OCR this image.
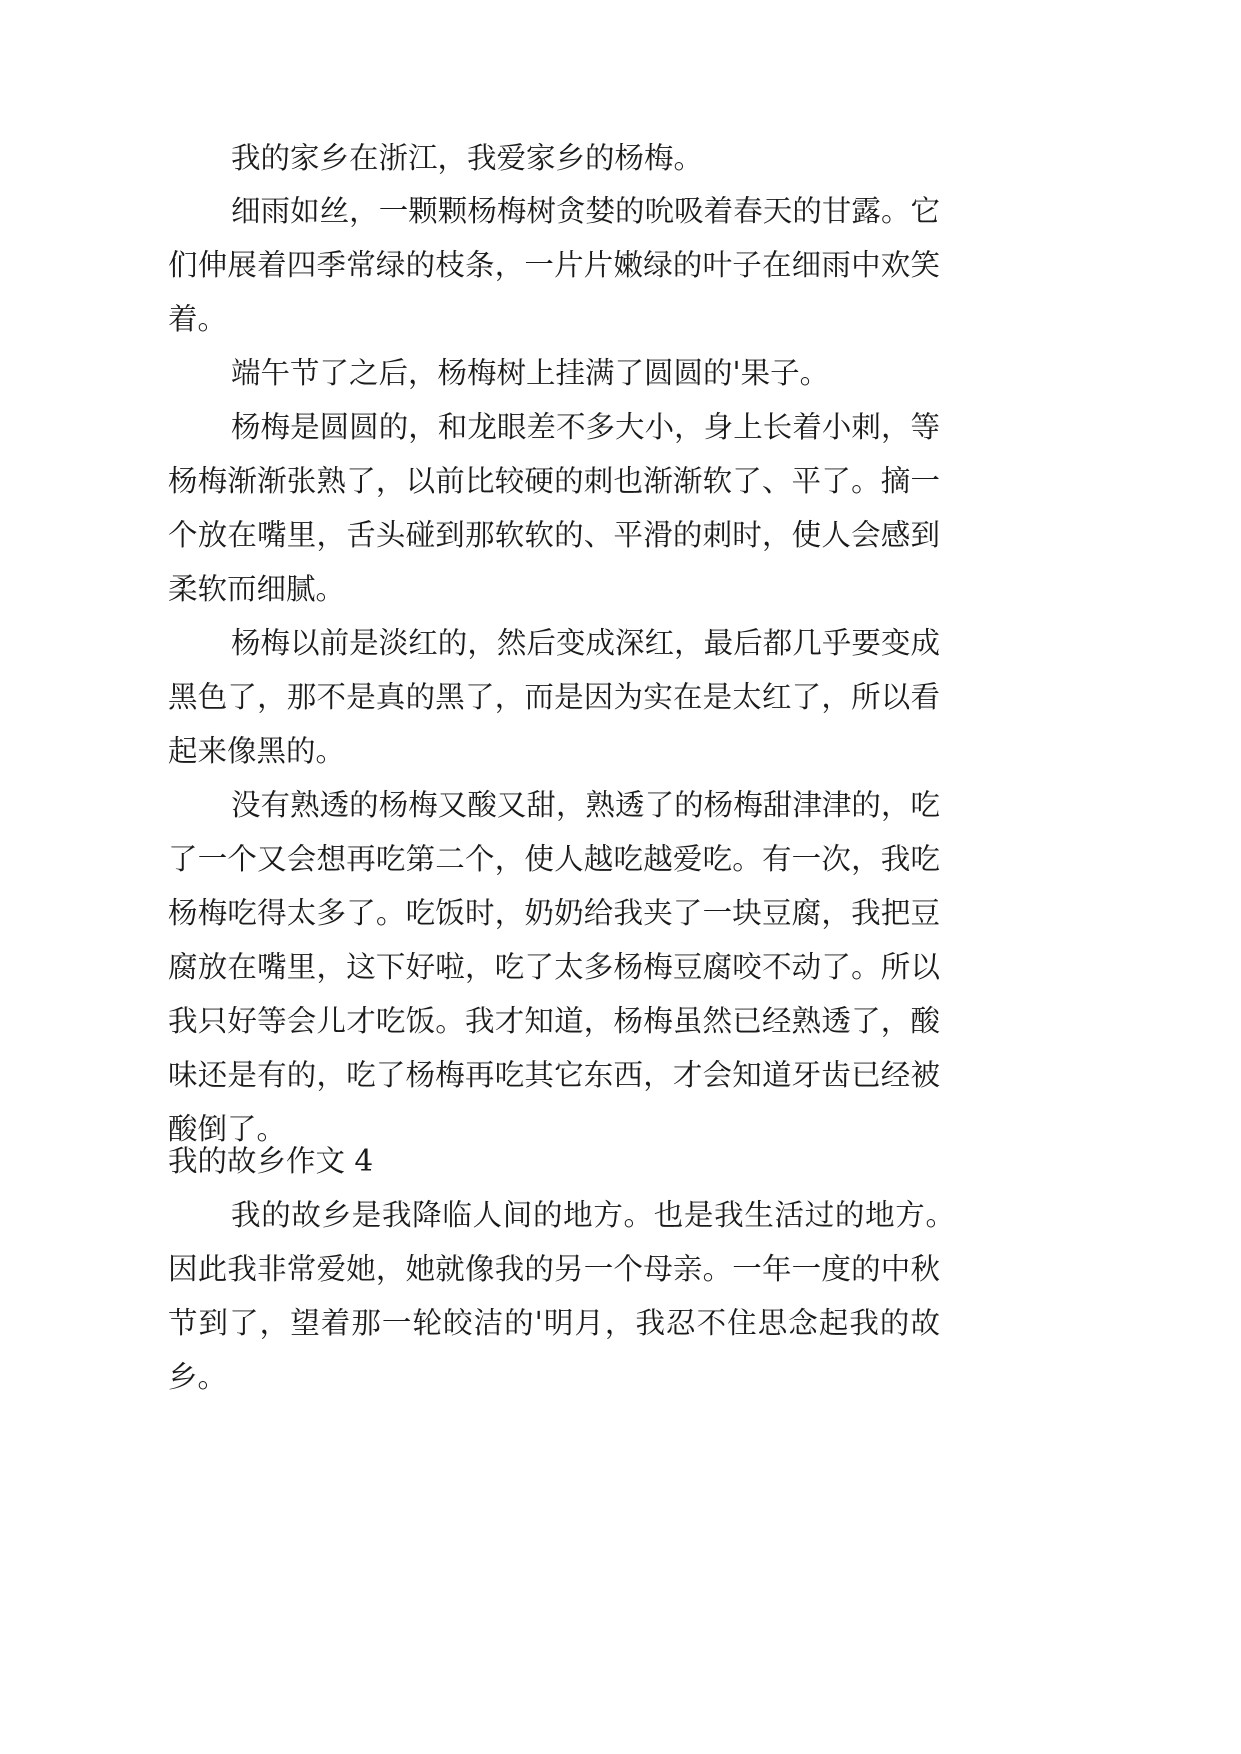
我的家乡在浙江，我爱家乡的杨梅。
细雨如丝，一颗颗杨梅树贪婪的吮吸着春天的甘露。它
们伸展着四季常绿的枝条，一片片嫩绿的叶子在细雨中欢笑
着。
端午节了之后，杨梅树上挂满了圆圆的'果子。
杨梅是圆圆的，和龙眼差不多大小，身上长着小刺，等
杨梅渐渐张熟了，以前比较硬的刺也渐渐软了、平了。摘一
个放在嘴里，舌头碰到那软软的、平滑的刺时，使人会感到
柔软而细腻。
杨梅以前是淡红的，然后变成深红，最后都几乎要变成
黑色了，那不是真的黑了，而是因为实在是太红了，所以看
起来像黑的。
没有熟透的杨梅又酸又甜，熟透了的杨梅甜津津的，吃
了一个又会想再吃第二个，使人越吃越爱吃。有一次，我吃
杨梅吃得太多了。吃饭时，奶奶给我夹了一块豆腐，我把豆
腐放在嘴里，这下好啦，吃了太多杨梅豆腐咬不动了。所以
我只好等会儿才吃饭。我才知道，杨梅虽然已经熟透了，酸
味还是有的，吃了杨梅再吃其它东西，才会知道牙齿已经被
酸倒了。
我的故乡作文 4
我的故乡是我降临人间的地方。也是我生活过的地方。
因此我非常爱她，她就像我的另一个母亲。一年一度的中秋
节到了，望着那一轮皎洁的'明月，我忍不住思念起我的故
乡。
